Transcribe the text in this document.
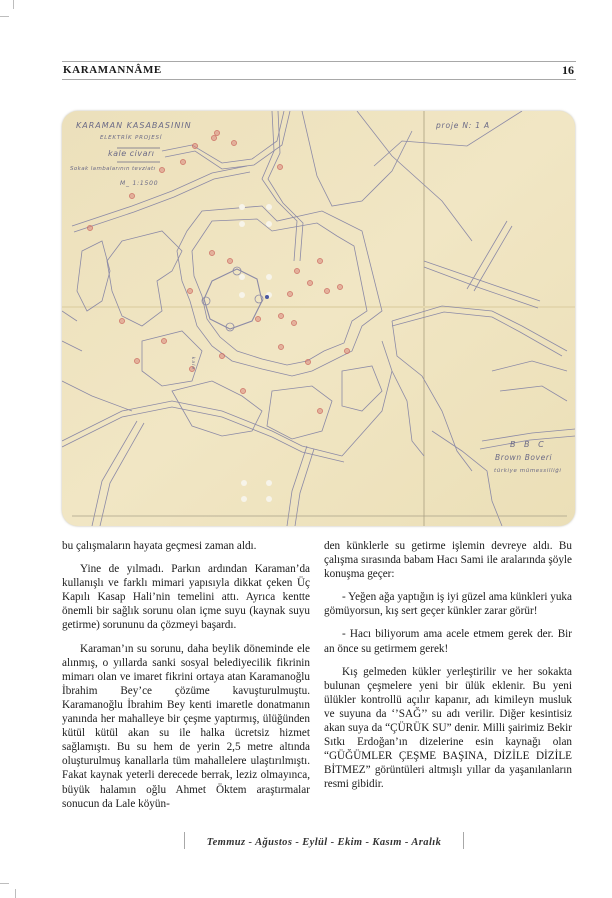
KARAMANNÂME	16
KARAMAN KASABASININ
ELEKTRİK PROJESİ
kale civarı
Sokak lambalarının tevziatı
M_ 1:1500
proje N: 1 A
B B C
Brown Boveri
türkiye mümessilliği
kale

bu çalışmaların hayata geçmesi zaman aldı.

Yine de yılmadı. Parkın ardından Karaman’da kullanışlı ve farklı mimari yapısıyla dikkat çeken Üç Kapılı Kasap Hali’nin temelini attı. Ayrıca kentte önemli bir sağlık sorunu olan içme suyu (kaynak suyu getirme) sorununu da çözmeyi başardı.

Karaman’ın su sorunu, daha beylik döneminde ele alınmış, o yıllarda sanki sosyal belediyecilik fikrinin mimarı olan ve imaret fikrini ortaya atan Karamanoğlu İbrahim Bey’ce çözüme kavuşturulmuştu. Karamanoğlu İbrahim Bey kenti imaretle donatmanın yanında her mahalleye bir çeşme yaptırmış, ülüğünden kütül kütül akan su ile halka ücretsiz hizmet sağlamıştı. Bu su hem de yerin 2,5 metre altında oluşturulmuş kanallarla tüm mahallelere ulaştırılmıştı. Fakat kaynak yeterli derecede berrak, leziz olmayınca, büyük halamın oğlu Ahmet Öktem araştırmalar sonucun da Lale köyün-

den künklerle su getirme işlemin devreye aldı. Bu çalışma sırasında babam Hacı Sami ile aralarında şöyle konuşma geçer:

- Yeğen ağa yaptığın iş iyi güzel ama künkleri yuka gömüyorsun, kış sert geçer künkler zarar görür!

- Hacı biliyorum ama acele etmem gerek der. Bir an önce su getirmem gerek!

Kış gelmeden kükler yerleştirilir ve her sokakta bulunan çeşmelere yeni bir ülük eklenir. Bu yeni ülükler kontrollü açılır kapanır, adı kimileyn musluk ve suyuna da ‘’SAĞ’’ su adı verilir. Diğer kesintisiz akan suya da “ÇÜRÜK SU” denir. Milli şairimiz Bekir Sıtkı Erdoğan’ın dizelerine esin kaynağı olan “GÜĞÜMLER ÇEŞME BAŞINA, DİZİLE DİZİLE BİTMEZ” görüntüleri altmışlı yıllar da yaşanılanların resmi gibidir.

Temmuz - Ağustos - Eylül - Ekim - Kasım - Aralık
